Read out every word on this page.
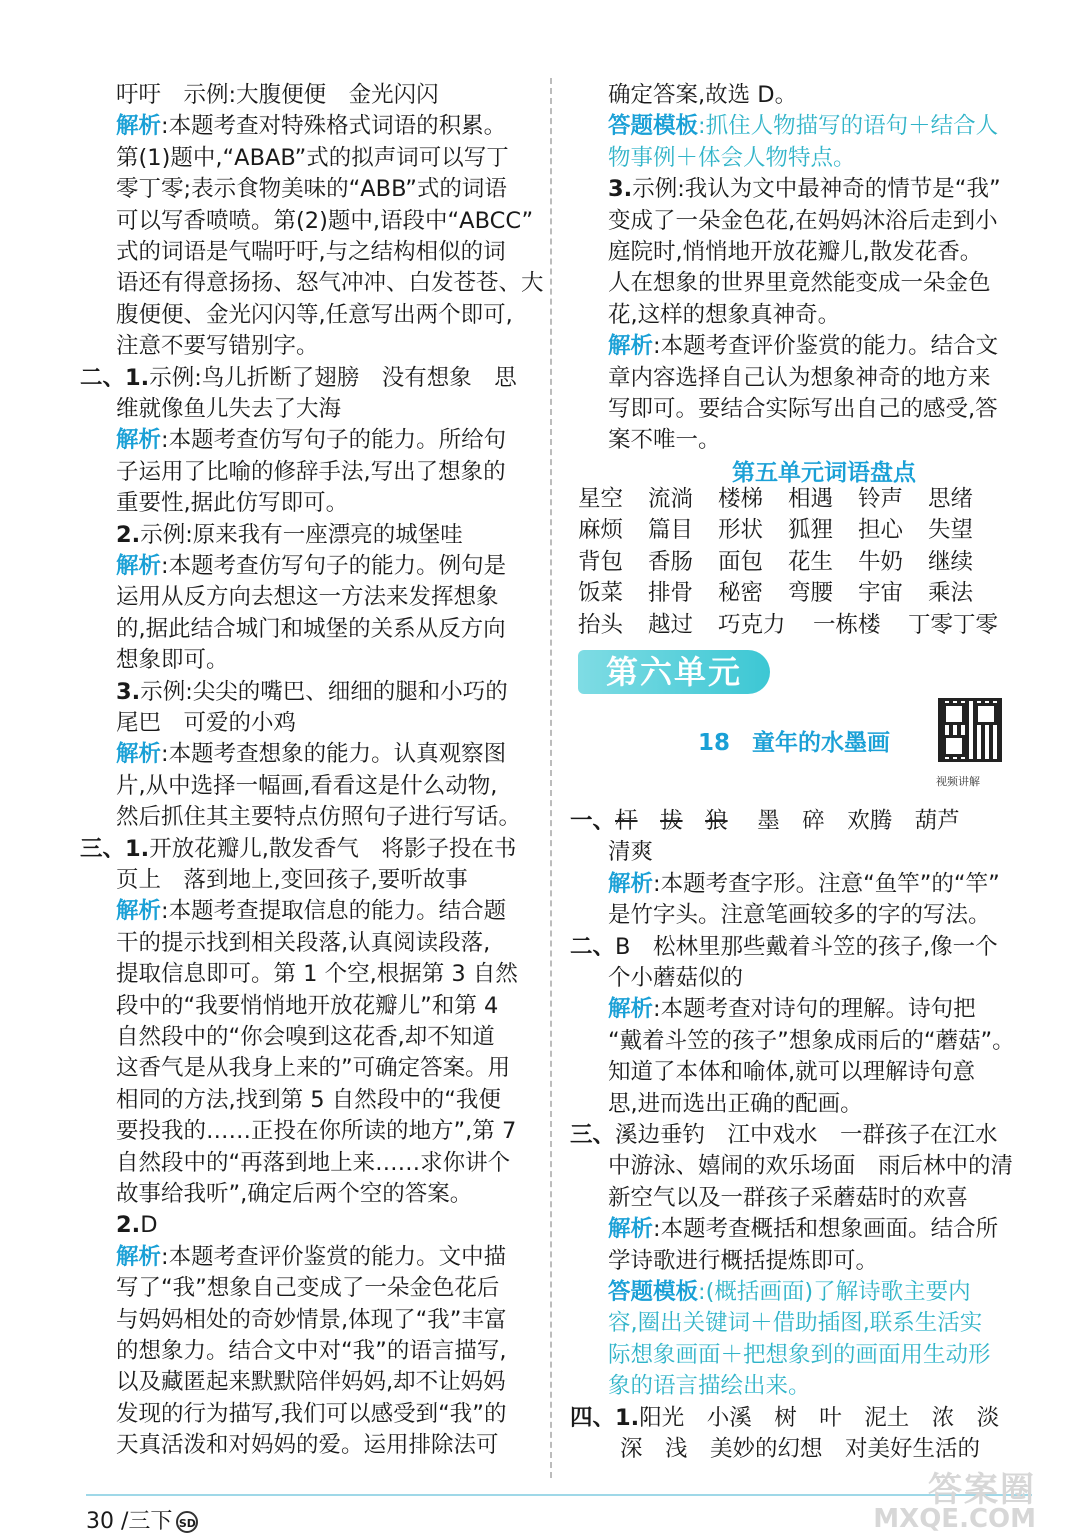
吁吁　示例:大腹便便　金光闪闪
解析:本题考查对特殊格式词语的积累。
第(1)题中,“ABAB”式的拟声词可以写丁
零丁零;表示食物美味的“ABB”式的词语
可以写香喷喷。第(2)题中,语段中“ABCC”
式的词语是气喘吁吁,与之结构相似的词
语还有得意扬扬、怒气冲冲、白发苍苍、大
腹便便、金光闪闪等,任意写出两个即可,
注意不要写错别字。
二、1.示例:鸟儿折断了翅膀　没有想象　思
维就像鱼儿失去了大海
解析:本题考查仿写句子的能力。所给句
子运用了比喻的修辞手法,写出了想象的
重要性,据此仿写即可。
2.示例:原来我有一座漂亮的城堡哇
解析:本题考查仿写句子的能力。例句是
运用从反方向去想这一方法来发挥想象
的,据此结合城门和城堡的关系从反方向
想象即可。
3.示例:尖尖的嘴巴、细细的腿和小巧的
尾巴　可爱的小鸡
解析:本题考查想象的能力。认真观察图
片,从中选择一幅画,看看这是什么动物,
然后抓住其主要特点仿照句子进行写话。
三、1.开放花瓣儿,散发香气　将影子投在书
页上　落到地上,变回孩子,要听故事
解析:本题考查提取信息的能力。结合题
干的提示找到相关段落,认真阅读段落,
提取信息即可。第 1 个空,根据第 3 自然
段中的“我要悄悄地开放花瓣儿”和第 4
自然段中的“你会嗅到这花香,却不知道
这香气是从我身上来的”可确定答案。用
相同的方法,找到第 5 自然段中的“我便
要投我的……正投在你所读的地方”,第 7
自然段中的“再落到地上来……求你讲个
故事给我听”,确定后两个空的答案。
2.D
解析:本题考查评价鉴赏的能力。文中描
写了“我”想象自己变成了一朵金色花后
与妈妈相处的奇妙情景,体现了“我”丰富
的想象力。结合文中对“我”的语言描写,
以及藏匿起来默默陪伴妈妈,却不让妈妈
发现的行为描写,我们可以感受到“我”的
天真活泼和对妈妈的爱。运用排除法可
确定答案,故选 D。
答题模板:抓住人物描写的语句＋结合人
物事例＋体会人物特点。
3.示例:我认为文中最神奇的情节是“我”
变成了一朵金色花,在妈妈沐浴后走到小
庭院时,悄悄地开放花瓣儿,散发花香。
人在想象的世界里竟然能变成一朵金色
花,这样的想象真神奇。
解析:本题考查评价鉴赏的能力。结合文
章内容选择自己认为想象神奇的地方来
写即可。要结合实际写出自己的感受,答
案不唯一。
第五单元词语盘点
星空	流淌	楼梯	相遇	铃声	思绪
麻烦	篇目	形状	狐狸	担心	失望
背包	香肠	面包	花生	牛奶	继续
饭菜	排骨	秘密	弯腰	宇宙	乘法
抬头	越过	巧克力	一栋楼	丁零丁零
第六单元
18 童年的水墨画
视频讲解
一、杆　 拔　 狼　 墨　碎　欢腾　葫芦
清爽
解析:本题考查字形。注意“鱼竿”的“竿”
是竹字头。注意笔画较多的字的写法。
二、B　松林里那些戴着斗笠的孩子,像一个
个小蘑菇似的
解析:本题考查对诗句的理解。诗句把
“戴着斗笠的孩子”想象成雨后的“蘑菇”。
知道了本体和喻体,就可以理解诗句意
思,进而选出正确的配画。
三、溪边垂钓　江中戏水　一群孩子在江水
中游泳、嬉闹的欢乐场面　雨后林中的清
新空气以及一群孩子采蘑菇时的欢喜
解析:本题考查概括和想象画面。结合所
学诗歌进行概括提炼即可。
答题模板:(概括画面)了解诗歌主要内
容,圈出关键词＋借助插图,联系生活实
际想象画面＋把想象到的画面用生动形
象的语言描绘出来。
四、1.阳光　小溪　树　叶　泥土　浓　淡
深　浅　美妙的幻想　对美好生活的
30 /三下 SD
答案圈
MXQE.COM
